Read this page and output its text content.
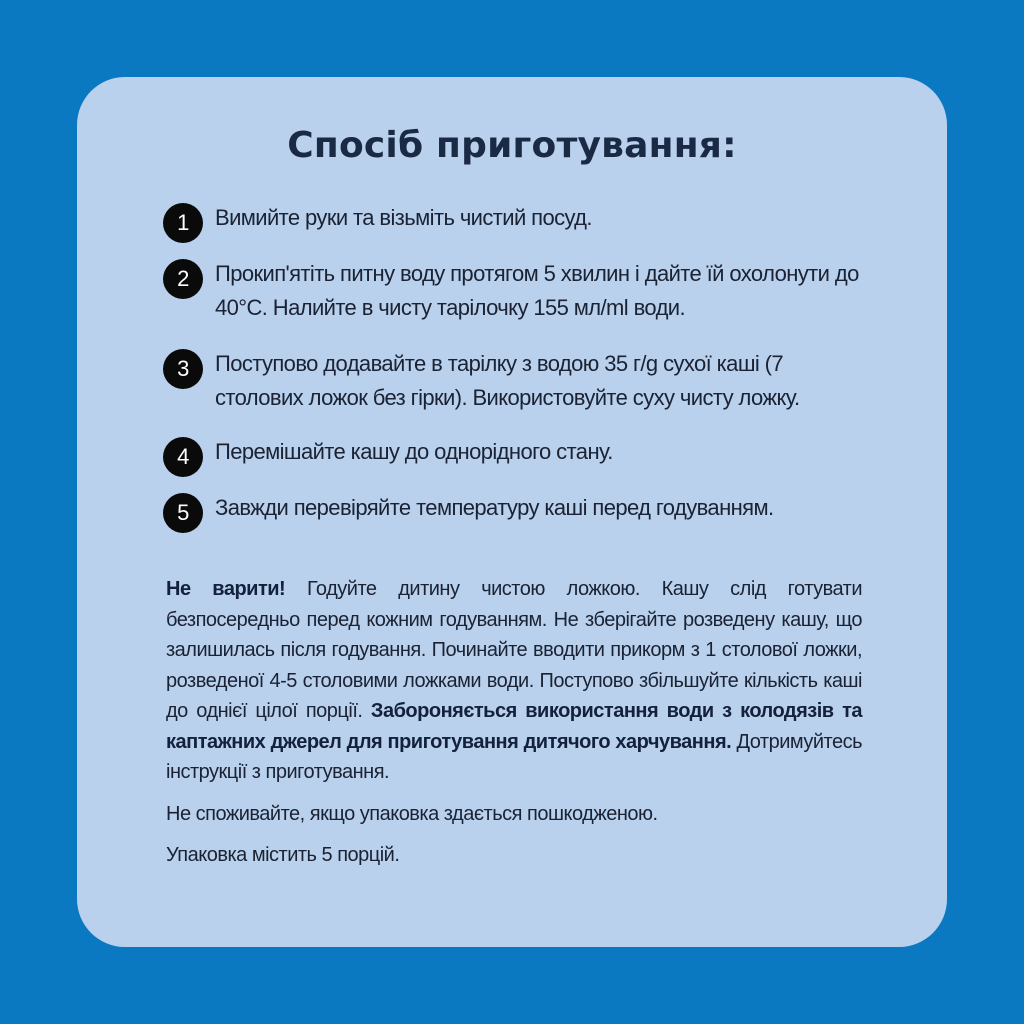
Спосіб приготування:
1	Вимийте руки та візьміть чистий посуд.
2	Прокип'ятіть питну воду протягом 5 хвилин і дайте їй охолонути до 40°C. Налийте в чисту тарілочку 155 мл/ml води.
3	Поступово додавайте в тарілку з водою 35 г/g сухої каші (7 столових ложок без гірки). Використовуйте суху чисту ложку.
4	Перемішайте кашу до однорідного стану.
5	Завжди перевіряйте температуру каші перед годуванням.

Не варити! Годуйте дитину чистою ложкою. Кашу слід готувати безпосередньо перед кожним годуванням. Не зберігайте розведену кашу, що залишилась після годування. Починайте вводити прикорм з 1 столової ложки, розведеної 4-5 столовими ложками води. Поступово збільшуйте кількість каші до однієї цілої порції. Забороняється використання води з колодязів та каптажних джерел для приготування дитячого харчування. Дотримуйтесь інструкції з приготування.

Не споживайте, якщо упаковка здається пошкодженою.

Упаковка містить 5 порцій.
